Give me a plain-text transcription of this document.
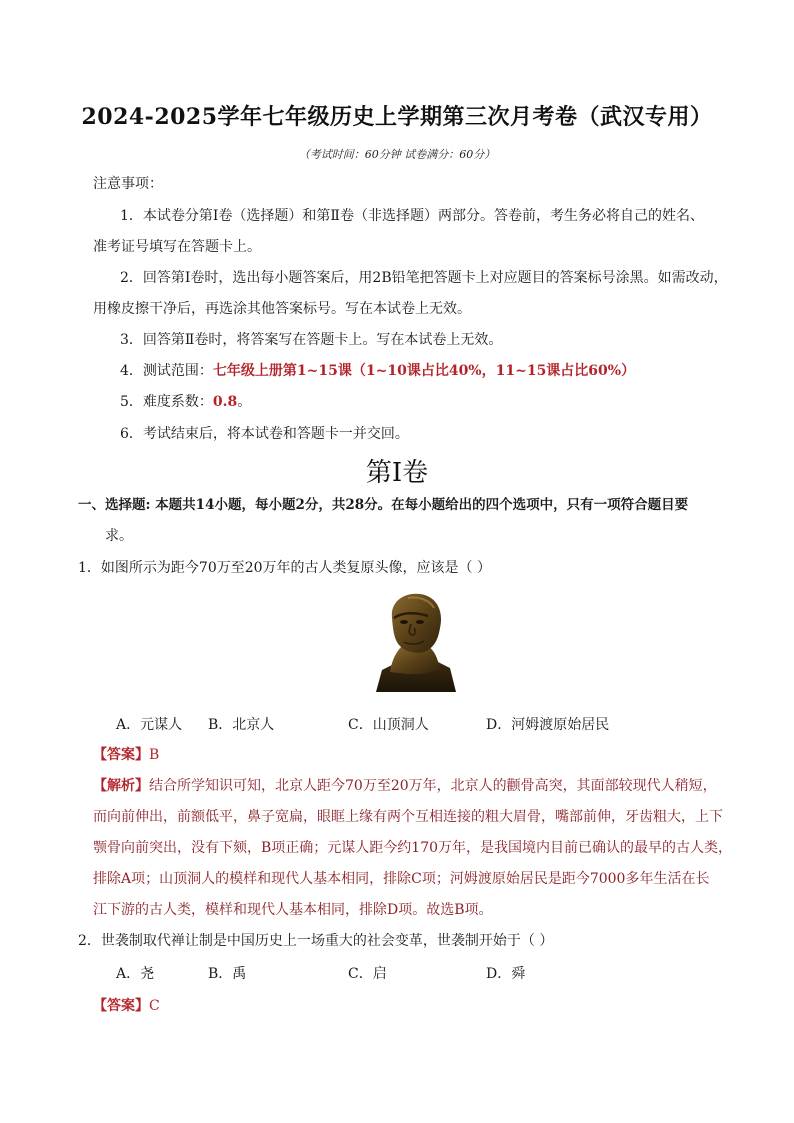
2024-2025学年七年级历史上学期第三次月考卷（武汉专用）
（考试时间：60分钟 试卷满分：60分）
注意事项：
1．本试卷分第Ⅰ卷（选择题）和第Ⅱ卷（非选择题）两部分。答卷前，考生务必将自己的姓名、
准考证号填写在答题卡上。
2．回答第Ⅰ卷时，选出每小题答案后，用2B铅笔把答题卡上对应题目的答案标号涂黑。如需改动，
用橡皮擦干净后，再选涂其他答案标号。写在本试卷上无效。
3．回答第Ⅱ卷时，将答案写在答题卡上。写在本试卷上无效。
4．测试范围：七年级上册第1~15课（1~10课占比40%，11~15课占比60%）
5．难度系数：0.8。
6．考试结束后，将本试卷和答题卡一并交回。
第Ⅰ卷
一、选择题: 本题共14小题，每小题2分，共28分。在每小题给出的四个选项中，只有一项符合题目要
求。
1．如图所示为距今70万至20万年的古人类复原头像，应该是（ ）
A．元谋人 B．北京人	C．山顶洞人	D．河姆渡原始居民
【答案】B
【解析】结合所学知识可知，北京人距今70万至20万年，北京人的颧骨高突，其面部较现代人稍短，
而向前伸出，前额低平，鼻子宽扁，眼眶上缘有两个互相连接的粗大眉骨，嘴部前伸，牙齿粗大，上下
颚骨向前突出，没有下颏，B项正确；元谋人距今约170万年，是我国境内目前已确认的最早的古人类，
排除A项；山顶洞人的模样和现代人基本相同，排除C项；河姆渡原始居民是距今7000多年生活在长
江下游的古人类，模样和现代人基本相同，排除D项。故选B项。
2．世袭制取代禅让制是中国历史上一场重大的社会变革，世袭制开始于（ ）
A．尧	B．禹	C．启	D．舜
【答案】C
